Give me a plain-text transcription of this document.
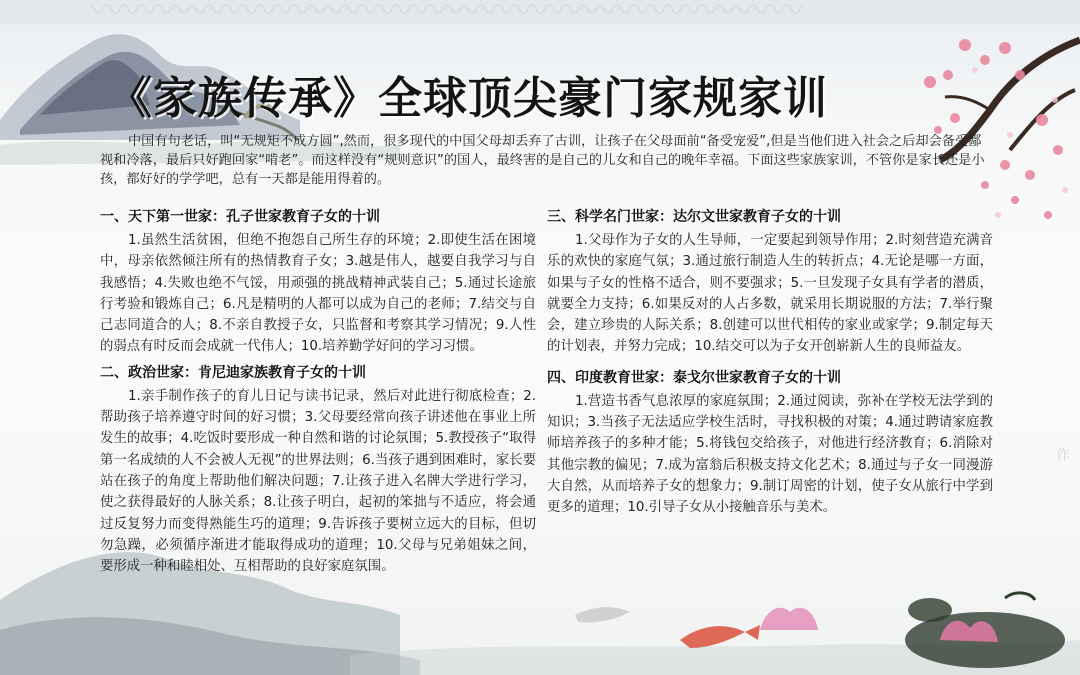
〰〰〰〰〰〰〰〰〰〰〰〰〰〰〰〰〰〰〰〰〰
作
《家族传承》全球顶尖豪门家规家训
中国有句老话，叫“无规矩不成方圆”,然而，很多现代的中国父母却丢弃了古训，让孩子在父母面前“备受宠爱”,但是当他们进入社会之后却会备受鄙视和冷落，最后只好跑回家“啃老”。而这样没有“规则意识”的国人，最终害的是自己的儿女和自己的晚年幸福。下面这些家族家训，不管你是家长还是小孩，都好好的学学吧，总有一天都是能用得着的。
一、天下第一世家：孔子世家教育子女的十训
1.虽然生活贫困，但绝不抱怨自己所生存的环境；2.即使生活在困境中，母亲依然倾注所有的热情教育子女；3.越是伟人，越要自我学习与自我感悟；4.失败也绝不气馁，用顽强的挑战精神武装自己；5.通过长途旅行考验和锻炼自己；6.凡是精明的人都可以成为自己的老师；7.结交与自己志同道合的人；8.不亲自教授子女，只监督和考察其学习情况；9.人性的弱点有时反而会成就一代伟人；10.培养勤学好问的学习习惯。
二、政治世家：肯尼迪家族教育子女的十训
1.亲手制作孩子的育儿日记与读书记录，然后对此进行彻底检查；2.帮助孩子培养遵守时间的好习惯；3.父母要经常向孩子讲述他在事业上所发生的故事；4.吃饭时要形成一种自然和谐的讨论氛围；5.教授孩子“取得第一名成绩的人不会被人无视”的世界法则；6.当孩子遇到困难时，家长要站在孩子的角度上帮助他们解决问题；7.让孩子进入名牌大学进行学习，使之获得最好的人脉关系；8.让孩子明白，起初的笨拙与不适应，将会通过反复努力而变得熟能生巧的道理；9.告诉孩子要树立远大的目标，但切勿急躁，必须循序渐进才能取得成功的道理；10.父母与兄弟姐妹之间，要形成一种和睦相处、互相帮助的良好家庭氛围。
三、科学名门世家：达尔文世家教育子女的十训
1.父母作为子女的人生导师，一定要起到领导作用；2.时刻营造充满音乐的欢快的家庭气氛；3.通过旅行制造人生的转折点；4.无论是哪一方面，如果与子女的性格不适合，则不要强求；5.一旦发现子女具有学者的潜质，就要全力支持；6.如果反对的人占多数，就采用长期说服的方法；7.举行聚会，建立珍贵的人际关系；8.创建可以世代相传的家业或家学；9.制定每天的计划表，并努力完成；10.结交可以为子女开创崭新人生的良师益友。
四、印度教育世家：泰戈尔世家教育子女的十训
1.营造书香气息浓厚的家庭氛围；2.通过阅读，弥补在学校无法学到的知识；3.当孩子无法适应学校生活时，寻找积极的对策；4.通过聘请家庭教师培养孩子的多种才能；5.将钱包交给孩子，对他进行经济教育；6.消除对其他宗教的偏见；7.成为富翁后积极支持文化艺术；8.通过与子女一同漫游大自然，从而培养子女的想象力；9.制订周密的计划，使子女从旅行中学到更多的道理；10.引导子女从小接触音乐与美术。
